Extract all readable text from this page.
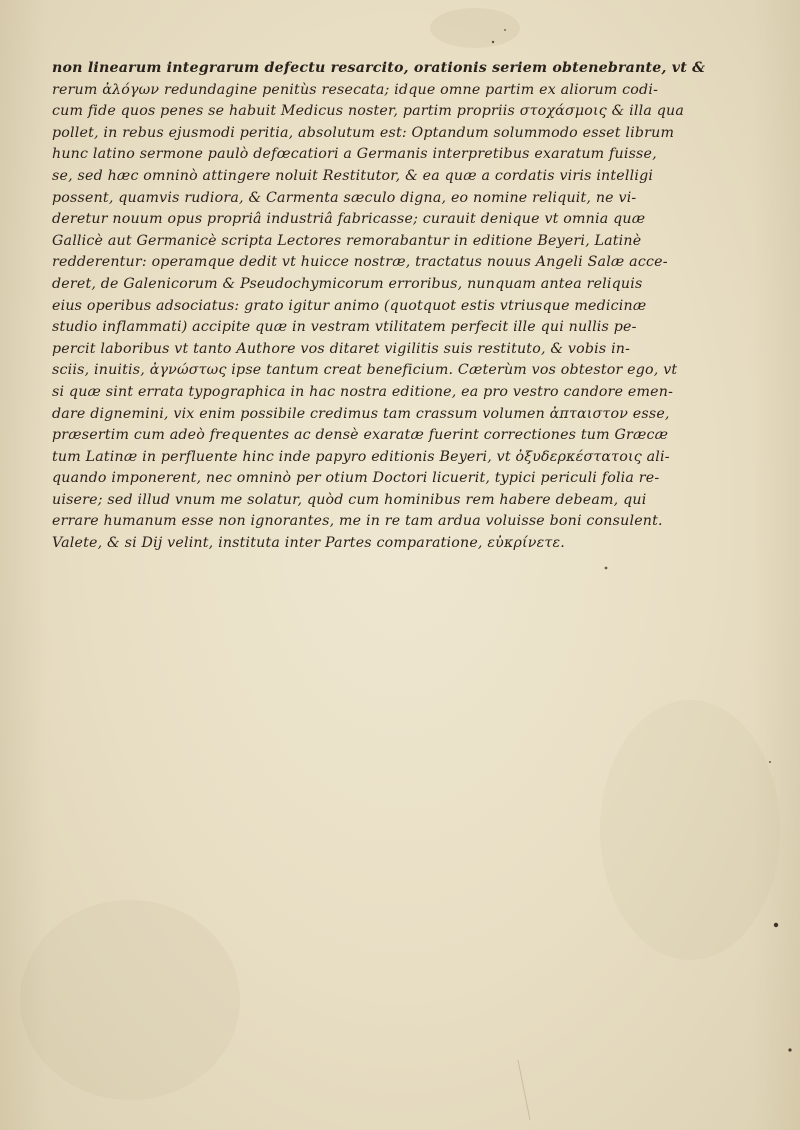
non linearum integrarum defectu resarcito, orationis seriem obtenebrante, vt &
rerum ἀλόγων redundagine penitùs resecata; idque omne partim ex aliorum codi-
cum fide quos penes se habuit Medicus noster, partim propriis στοχάσμοις & illa qua
pollet, in rebus ejusmodi peritia, absolutum est: Optandum solummodo esset librum
hunc latino sermone paulò defœcatiori a Germanis interpretibus exaratum fuisse,
se, sed hæc omninò attingere noluit Restitutor, & ea quæ a cordatis viris intelligi
possent, quamvis rudiora, & Carmenta sæculo digna, eo nomine reliquit, ne vi-
deretur nouum opus propriâ industriâ fabricasse; curauit denique vt omnia quæ
Gallicè aut Germanicè scripta Lectores remorabantur in editione Beyeri, Latinè
redderentur: operamque dedit vt huicce nostræ, tractatus nouus Angeli Salæ acce-
deret, de Galenicorum & Pseudochymicorum erroribus, nunquam antea reliquis
eius operibus adsociatus: grato igitur animo (quotquot estis vtriusque medicinæ
studio inflammati) accipite quæ in vestram vtilitatem perfecit ille qui nullis pe-
percit laboribus vt tanto Authore vos ditaret vigilitis suis restituto, & vobis in-
sciis, inuitis, ἀγνώστως ipse tantum creat beneficium. Cæterùm vos obtestor ego, vt
si quæ sint errata typographica in hac nostra editione, ea pro vestro candore emen-
dare dignemini, vix enim possibile credimus tam crassum volumen ἀπταιστον esse,
præsertim cum adeò frequentes ac densè exaratæ fuerint correctiones tum Græcæ
tum Latinæ in perfluente hinc inde papyro editionis Beyeri, vt ὀξυδερκέστατοις ali-
quando imponerent, nec omninò per otium Doctori licuerit, typici periculi folia re-
uisere; sed illud vnum me solatur, quòd cum hominibus rem habere debeam, qui
errare humanum esse non ignorantes, me in re tam ardua voluisse boni consulent.
Valete, & si Dij velint, instituta inter Partes comparatione, εὐκρίνετε.
